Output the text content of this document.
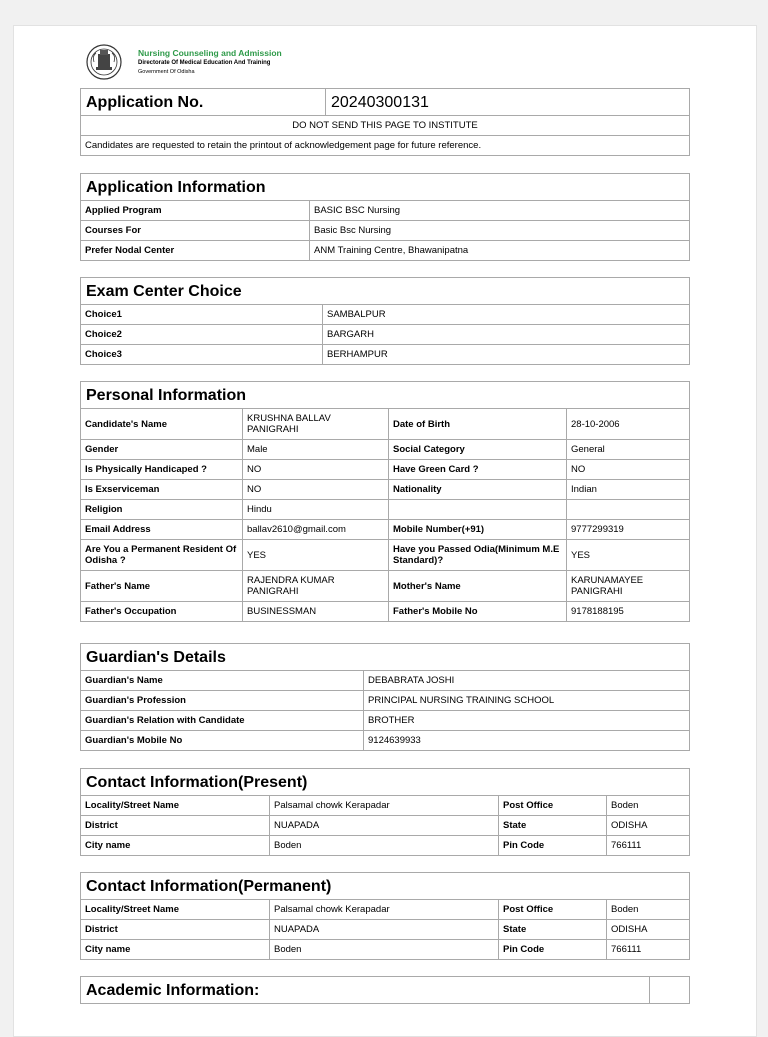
Nursing Counseling and Admission
Directorate Of Medical Education And Training
Government Of Odisha
Application No.	20240300131
DO NOT SEND THIS PAGE TO INSTITUTE
Candidates are requested to retain the printout of acknowledgement page for future reference.
Application Information	
Applied Program	BASIC BSC Nursing
Courses For	Basic Bsc Nursing
Prefer Nodal Center	ANM Training Centre, Bhawanipatna
Exam Center Choice	
Choice1	SAMBALPUR
Choice2	BARGARH
Choice3	BERHAMPUR
Personal Information			
Candidate's Name	KRUSHNA BALLAV PANIGRAHI	Date of Birth	28-10-2006
Gender	Male	Social Category	General
Is Physically Handicaped ?	NO	Have Green Card ?	NO
Is Exserviceman	NO	Nationality	Indian
Religion	Hindu		
Email Address	ballav2610@gmail.com	Mobile Number(+91)	9777299319
Are You a Permanent Resident Of Odisha ?	YES	Have you Passed Odia(Minimum M.E Standard)?	YES
Father's Name	RAJENDRA KUMAR PANIGRAHI	Mother's Name	KARUNAMAYEE PANIGRAHI
Father's Occupation	BUSINESSMAN	Father's Mobile No	9178188195
Guardian's Details	
Guardian's Name	DEBABRATA JOSHI
Guardian's Profession	PRINCIPAL NURSING TRAINING SCHOOL
Guardian's Relation with Candidate	BROTHER
Guardian's Mobile No	9124639933
Contact Information(Present)			
Locality/Street Name	Palsamal chowk Kerapadar	Post Office	Boden
District	NUAPADA	State	ODISHA
City name	Boden	Pin Code	766111
Contact Information(Permanent)			
Locality/Street Name	Palsamal chowk Kerapadar	Post Office	Boden
District	NUAPADA	State	ODISHA
City name	Boden	Pin Code	766111
Academic Information:	
